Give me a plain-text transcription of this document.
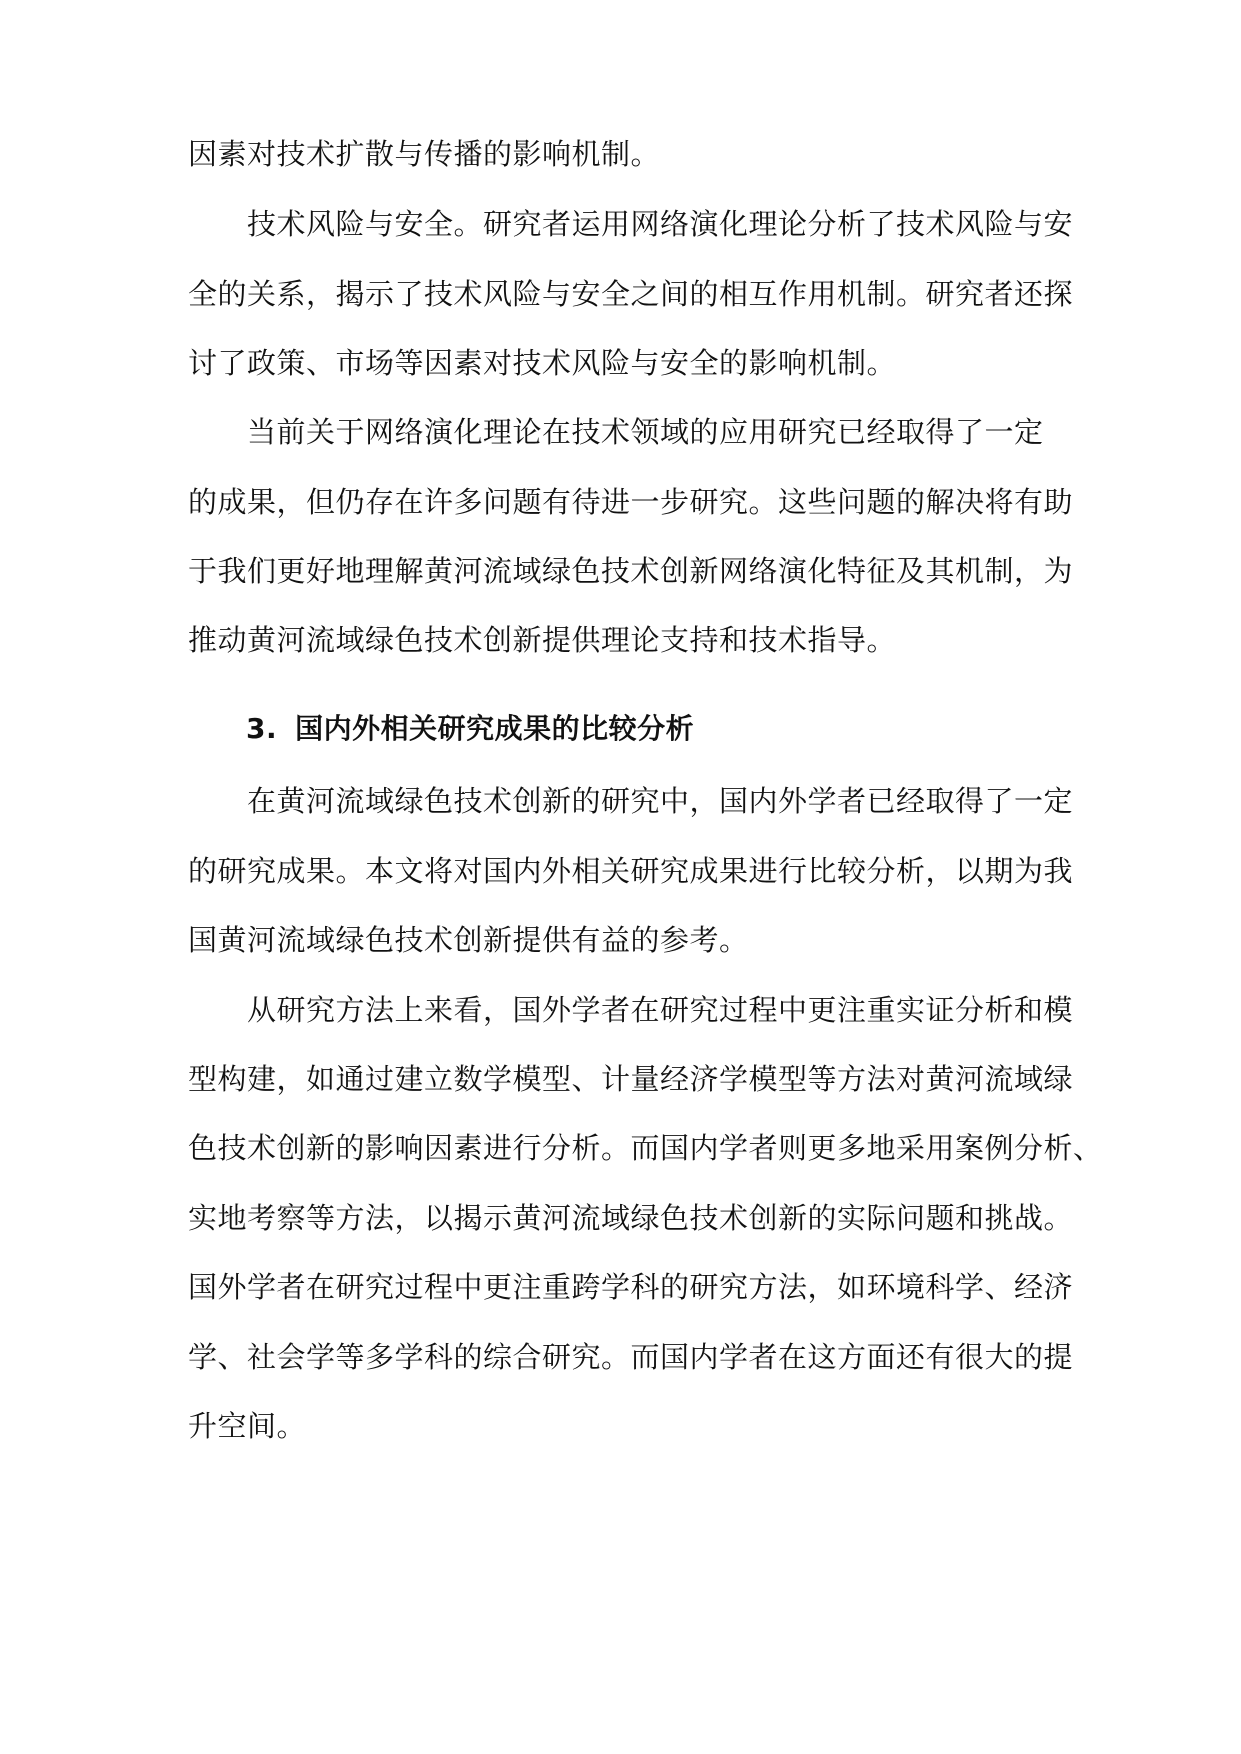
因素对技术扩散与传播的影响机制。
技术风险与安全。研究者运用网络演化理论分析了技术风险与安
全的关系，揭示了技术风险与安全之间的相互作用机制。研究者还探
讨了政策、市场等因素对技术风险与安全的影响机制。
当前关于网络演化理论在技术领域的应用研究已经取得了一定
的成果，但仍存在许多问题有待进一步研究。这些问题的解决将有助
于我们更好地理解黄河流域绿色技术创新网络演化特征及其机制，为
推动黄河流域绿色技术创新提供理论支持和技术指导。
3. 国内外相关研究成果的比较分析
在黄河流域绿色技术创新的研究中，国内外学者已经取得了一定
的研究成果。本文将对国内外相关研究成果进行比较分析，以期为我
国黄河流域绿色技术创新提供有益的参考。
从研究方法上来看，国外学者在研究过程中更注重实证分析和模
型构建，如通过建立数学模型、计量经济学模型等方法对黄河流域绿
色技术创新的影响因素进行分析。而国内学者则更多地采用案例分析、
实地考察等方法，以揭示黄河流域绿色技术创新的实际问题和挑战。
国外学者在研究过程中更注重跨学科的研究方法，如环境科学、经济
学、社会学等多学科的综合研究。而国内学者在这方面还有很大的提
升空间。
